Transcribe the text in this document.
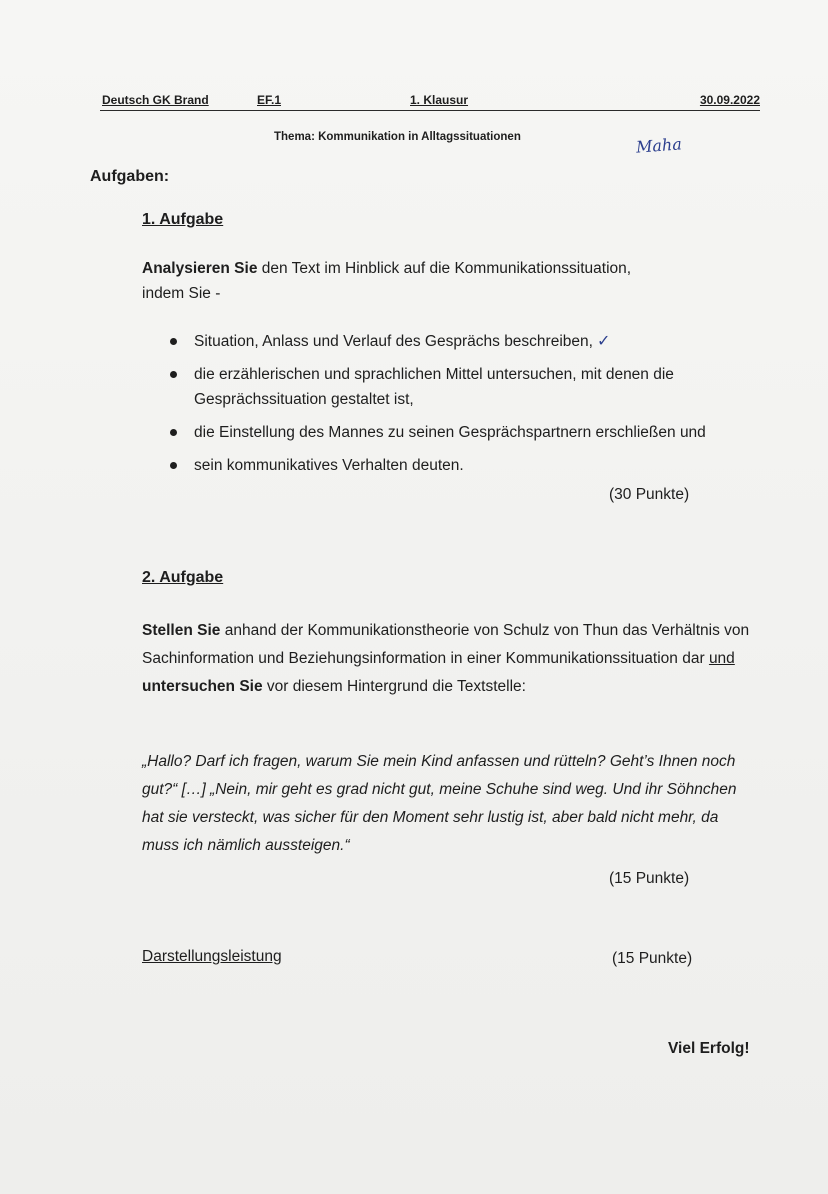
Deutsch GK Brand	EF.1	1. Klausur	30.09.2022
Thema: Kommunikation in Alltagssituationen	Maha
Aufgaben:
1. Aufgabe
Analysieren Sie den Text im Hinblick auf die Kommunikationssituation,
indem Sie -
Situation, Anlass und Verlauf des Gesprächs beschreiben, ✓
die erzählerischen und sprachlichen Mittel untersuchen, mit denen die Gesprächssituation gestaltet ist,
die Einstellung des Mannes zu seinen Gesprächspartnern erschließen und
sein kommunikatives Verhalten deuten.
(30 Punkte)
2. Aufgabe
Stellen Sie anhand der Kommunikationstheorie von Schulz von Thun das Verhältnis von Sachinformation und Beziehungsinformation in einer Kommunikationssituation dar und untersuchen Sie vor diesem Hintergrund die Textstelle:
„Hallo? Darf ich fragen, warum Sie mein Kind anfassen und rütteln? Geht’s Ihnen noch gut?“ […] „Nein, mir geht es grad nicht gut, meine Schuhe sind weg. Und ihr Söhnchen hat sie versteckt, was sicher für den Moment sehr lustig ist, aber bald nicht mehr, da muss ich nämlich aussteigen.“
(15 Punkte)
Darstellungsleistung	(15 Punkte)
Viel Erfolg!
